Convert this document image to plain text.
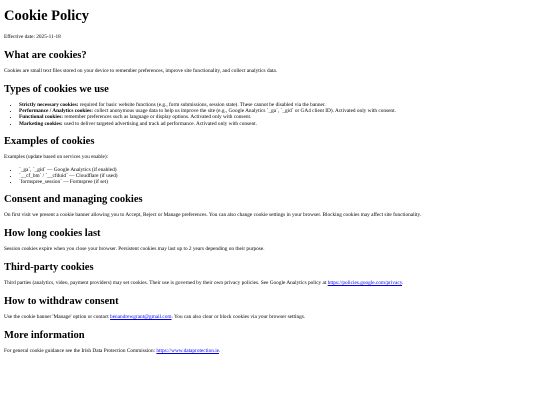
Cookie Policy

Effective date: 2025-11-18

What are cookies?

Cookies are small text files stored on your device to remember preferences, improve site functionality, and collect analytics data.

Types of cookies we use
• Strictly necessary cookies: required for basic website functions (e.g., form submissions, session state). These cannot be disabled via the banner.
• Performance / Analytics cookies: collect anonymous usage data to help us improve the site (e.g., Google Analytics `_ga`, `_gid` or GA4 client ID). Activated only with consent.
• Functional cookies: remember preferences such as language or display options. Activated only with consent.
• Marketing cookies: used to deliver targeted advertising and track ad performance. Activated only with consent.
Examples of cookies

Examples (update based on services you enable):

• `_ga`, `_gid` — Google Analytics (if enabled)
• `__cf_bm` / `__cfduid` — Cloudflare (if used)
• `formspree_session` — Formspree (if set)
Consent and managing cookies

On first visit we present a cookie banner allowing you to Accept, Reject or Manage preferences. You can also change cookie settings in your browser. Blocking cookies may affect site functionality.

How long cookies last

Session cookies expire when you close your browser. Persistent cookies may last up to 2 years depending on their purpose.

Third-party cookies

Third parties (analytics, video, payment providers) may set cookies. Their use is governed by their own privacy policies. See Google Analytics policy at https://policies.google.com/privacy.

How to withdraw consent

Use the cookie banner 'Manage' option or contact benandrewgrant@gmail.com. You can also clear or block cookies via your browser settings.

More information

For general cookie guidance see the Irish Data Protection Commission: https://www.dataprotection.ie.
